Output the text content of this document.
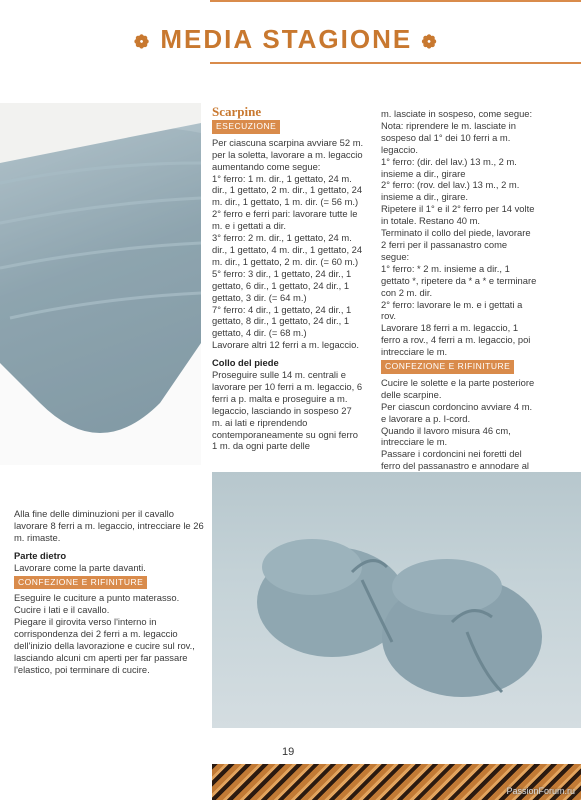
❁ MEDIA STAGIONE ❁

Scarpine

ESECUZIONE

Per ciascuna scarpina avviare 52 m. per la soletta, lavorare a m. legaccio aumentando come segue:

1° ferro: 1 m. dir., 1 gettato, 24 m. dir., 1 gettato, 2 m. dir., 1 gettato, 24 m. dir., 1 gettato, 1 m. dir. (= 56 m.)

2° ferro e ferri pari: lavorare tutte le m. e i gettati a dir.

3° ferro: 2 m. dir., 1 gettato, 24 m. dir., 1 gettato, 4 m. dir., 1 gettato, 24 m. dir., 1 gettato, 2 m. dir. (= 60 m.)

5° ferro: 3 dir., 1 gettato, 24 dir., 1 gettato, 6 dir., 1 gettato, 24 dir., 1 gettato, 3 dir. (= 64 m.)

7° ferro: 4 dir., 1 gettato, 24 dir., 1 gettato, 8 dir., 1 gettato, 24 dir., 1 gettato, 4 dir. (= 68 m.)

Lavorare altri 12 ferri a m. legaccio.

Collo del piede

Proseguire sulle 14 m. centrali e lavorare per 10 ferri a m. legaccio, 6 ferri a p. malta e proseguire a m. legaccio, lasciando in sospeso 27 m. ai lati e riprendendo contemporaneamente su ogni ferro 1 m. da ogni parte delle

m. lasciate in sospeso, come segue:

Nota: riprendere le m. lasciate in sospeso dal 1° dei 10 ferri a m. legaccio.

1° ferro: (dir. del lav.) 13 m., 2 m. insieme a dir., girare

2° ferro: (rov. del lav.) 13 m., 2 m. insieme a dir., girare.

Ripetere il 1° e il 2° ferro per 14 volte in totale. Restano 40 m.

Terminato il collo del piede, lavorare 2 ferri per il passanastro come segue:

1° ferro: * 2 m. insieme a dir., 1 gettato *, ripetere da * a * e terminare con 2 m. dir.

2° ferro: lavorare le m. e i gettati a rov.

Lavorare 18 ferri a m. legaccio, 1 ferro a rov., 4 ferri a m. legaccio, poi intrecciare le m.

CONFEZIONE E RIFINITURE

Cucire le solette e la parte posteriore delle scarpine.

Per ciascun cordoncino avviare 4 m. e lavorare a p. I-cord.

Quando il lavoro misura 46 cm, intrecciare le m.

Passare i cordoncini nei foretti del ferro del passanastro e annodare al

Alla fine delle diminuzioni per il cavallo lavorare 8 ferri a m. legaccio, intrecciare le 26 m. rimaste.

Parte dietro

Lavorare come la parte davanti.

CONFEZIONE E RIFINITURE

Eseguire le cuciture a punto materasso.

Cucire i lati e il cavallo.

Piegare il girovita verso l'interno in corrispondenza dei 2 ferri a m. legaccio dell'inizio della lavorazione e cucire sul rov., lasciando alcuni cm aperti per far passare l'elastico, poi terminare di cucire.

19
PassionForum.ru
